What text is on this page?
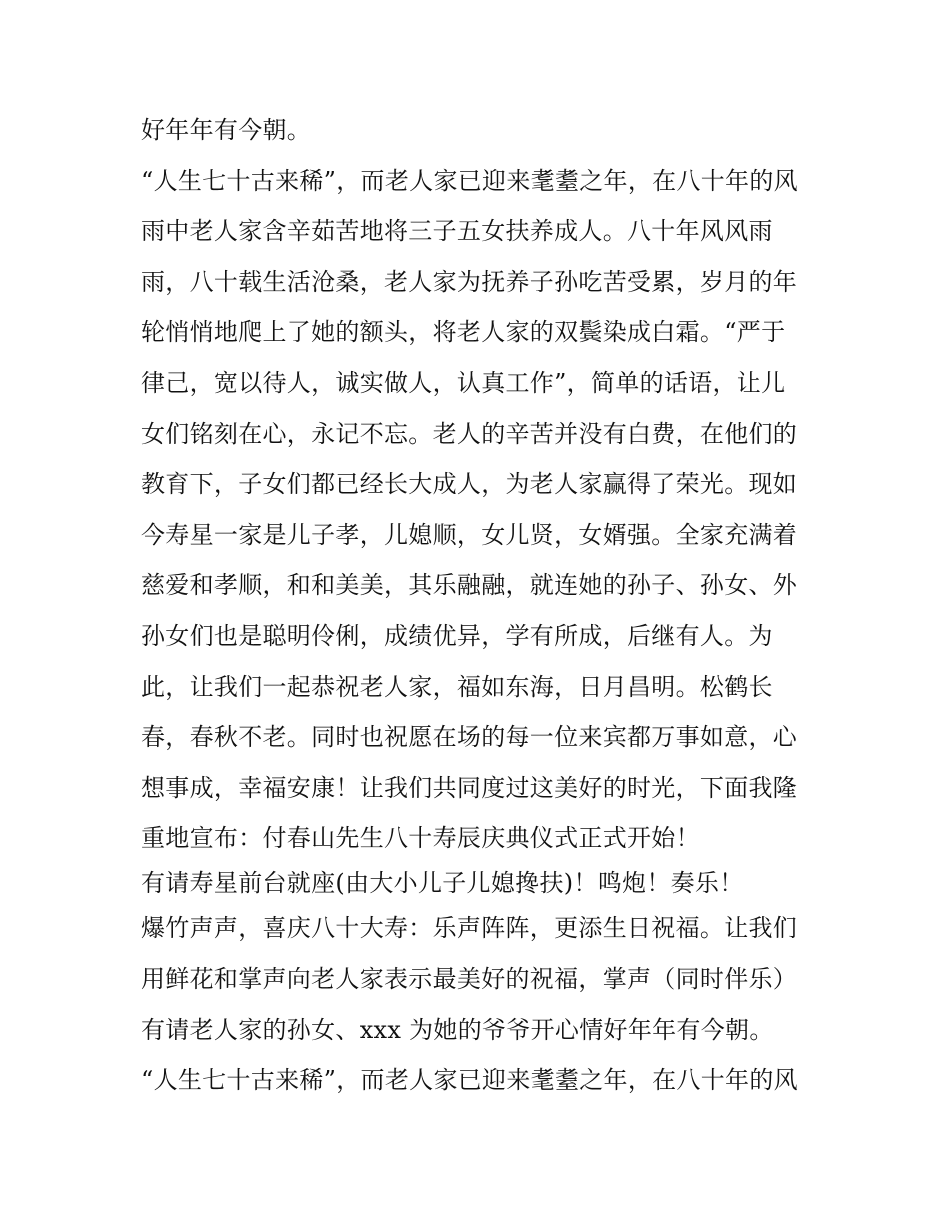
好年年有今朝。
“人生七十古来稀”，而老人家已迎来耄耋之年，在八十年的风
雨中老人家含辛茹苦地将三子五女扶养成人。八十年风风雨
雨，八十载生活沧桑，老人家为抚养子孙吃苦受累，岁月的年
轮悄悄地爬上了她的额头，将老人家的双鬓染成白霜。“严于
律己，宽以待人，诚实做人，认真工作”，简单的话语，让儿
女们铭刻在心，永记不忘。老人的辛苦并没有白费，在他们的
教育下，子女们都已经长大成人，为老人家赢得了荣光。现如
今寿星一家是儿子孝，儿媳顺，女儿贤，女婿强。全家充满着
慈爱和孝顺，和和美美，其乐融融，就连她的孙子、孙女、外
孙女们也是聪明伶俐，成绩优异，学有所成，后继有人。为
此，让我们一起恭祝老人家，福如东海，日月昌明。松鹤长
春，春秋不老。同时也祝愿在场的每一位来宾都万事如意，心
想事成，幸福安康！让我们共同度过这美好的时光，下面我隆
重地宣布：付春山先生八十寿辰庆典仪式正式开始！
有请寿星前台就座(由大小儿子儿媳搀扶)！鸣炮！奏乐！
爆竹声声，喜庆八十大寿：乐声阵阵，更添生日祝福。让我们
用鲜花和掌声向老人家表示最美好的祝福，掌声（同时伴乐）
有请老人家的孙女、xxx 为她的爷爷开心情好年年有今朝。
“人生七十古来稀”，而老人家已迎来耄耋之年，在八十年的风
